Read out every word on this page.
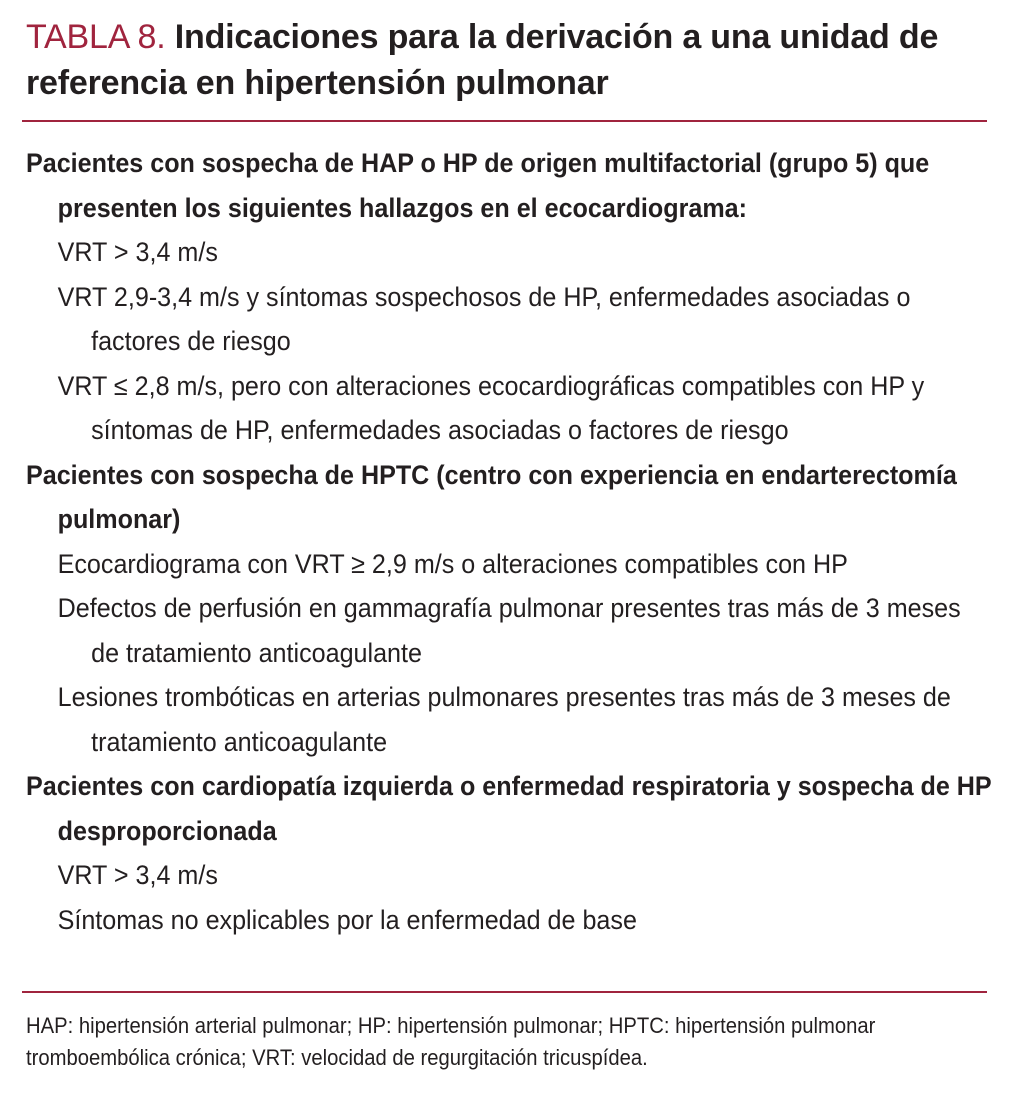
TABLA 8. Indicaciones para la derivación a una unidad de referencia en hipertensión pulmonar
Pacientes con sospecha de HAP o HP de origen multifactorial (grupo 5) que presenten los siguientes hallazgos en el ecocardiograma:
VRT > 3,4 m/s
VRT 2,9-3,4 m/s y síntomas sospechosos de HP, enfermedades asociadas o factores de riesgo
VRT ≤ 2,8 m/s, pero con alteraciones ecocardiográficas compatibles con HP y síntomas de HP, enfermedades asociadas o factores de riesgo
Pacientes con sospecha de HPTC (centro con experiencia en endarterectomía pulmonar)
Ecocardiograma con VRT ≥ 2,9 m/s o alteraciones compatibles con HP
Defectos de perfusión en gammagrafía pulmonar presentes tras más de 3 meses de tratamiento anticoagulante
Lesiones trombóticas en arterias pulmonares presentes tras más de 3 meses de tratamiento anticoagulante
Pacientes con cardiopatía izquierda o enfermedad respiratoria y sospecha de HP desproporcionada
VRT > 3,4 m/s
Síntomas no explicables por la enfermedad de base
HAP: hipertensión arterial pulmonar; HP: hipertensión pulmonar; HPTC: hipertensión pulmonar tromboembólica crónica; VRT: velocidad de regurgitación tricuspídea.
